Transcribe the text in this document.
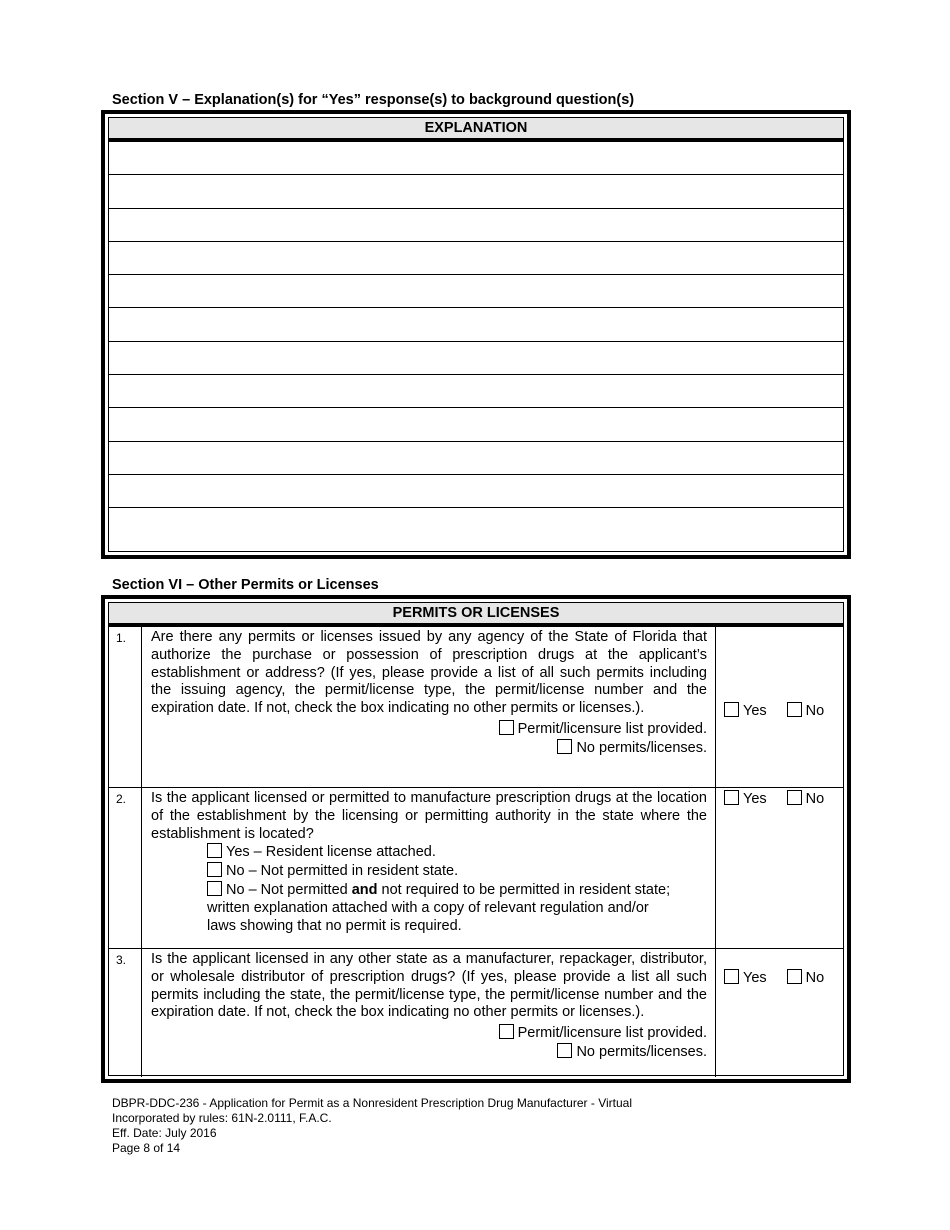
Section V – Explanation(s) for “Yes” response(s) to background question(s)
EXPLANATION
Section VI – Other Permits or Licenses
PERMITS OR LICENSES
1.	Are there any permits or licenses issued by any agency of the State of Florida that authorize the purchase or possession of prescription drugs at the applicant’s establishment or address? (If yes, please provide a list of all such permits including the issuing agency, the permit/license type, the permit/license number and the expiration date. If not, check the box indicating no other permits or licenses.).
Permit/licensure list provided.
No permits/licenses.
Yes	No
2.	Is the applicant licensed or permitted to manufacture prescription drugs at the location of the establishment by the licensing or permitting authority in the state where the establishment is located?
Yes – Resident license attached.
No – Not permitted in resident state.
No – Not permitted and not required to be permitted in resident state;
written explanation attached with a copy of relevant regulation and/or
laws showing that no permit is required.
Yes	No
3.	Is the applicant licensed in any other state as a manufacturer, repackager, distributor, or wholesale distributor of prescription drugs? (If yes, please provide a list all such permits including the state, the permit/license type, the permit/license number and the expiration date. If not, check the box indicating no other permits or licenses.).
Permit/licensure list provided.
No permits/licenses.
Yes	No
DBPR-DDC-236 - Application for Permit as a Nonresident Prescription Drug Manufacturer - Virtual
Incorporated by rules: 61N-2.0111, F.A.C.
Eff. Date: July 2016
Page 8 of 14
